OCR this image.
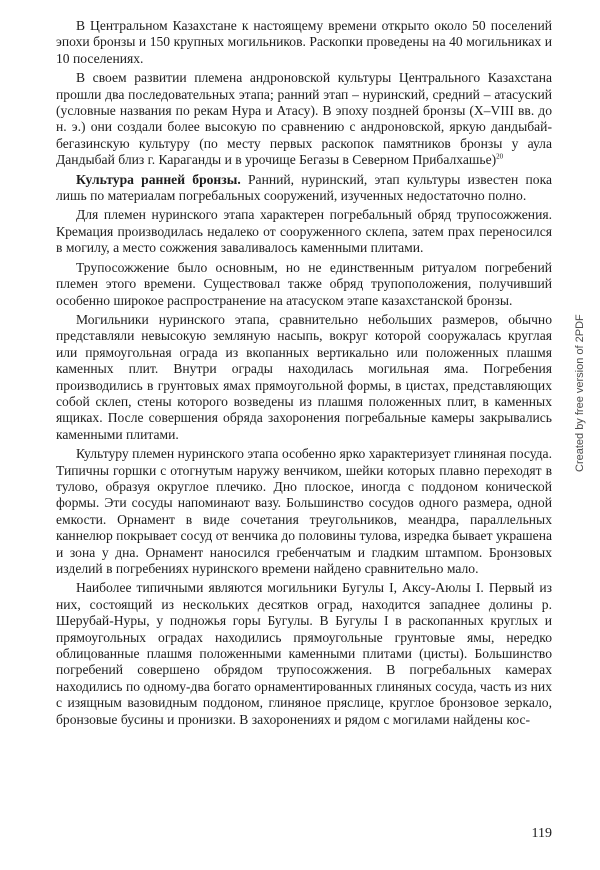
В Центральном Казахстане к настоящему времени открыто около 50 поселений эпохи бронзы и 150 крупных могильников. Раскопки проведены на 40 могильниках и 10 поселениях.

В своем развитии племена андроновской культуры Центрального Казахстана прошли два последовательных этапа; ранний этап – нуринский, средний – атасуский (условные названия по рекам Нура и Атасу). В эпоху поздней бронзы (X–VIII вв. до н. э.) они создали более высокую по сравнению с андроновской, яркую дандыбай-бегазинскую культуру (по месту первых раскопок памятников бронзы у аула Дандыбай близ г. Караганды и в урочище Бегазы в Северном Прибалхашье)$^{20}$

Культура ранней бронзы. Ранний, нуринский, этап культуры известен пока лишь по материалам погребальных сооружений, изученных недостаточно полно.

Для племен нуринского этапа характерен погребальный обряд трупосожжения. Кремация производилась недалеко от сооруженного склепа, затем прах переносился в могилу, а место сожжения заваливалось каменными плитами.

Трупосожжение было основным, но не единственным ритуалом погребений племен этого времени. Существовал также обряд трупоположения, получивший особенно широкое распространение на атасуском этапе казахстанской бронзы.

Могильники нуринского этапа, сравнительно небольших размеров, обычно представляли невысокую земляную насыпь, вокруг которой сооружалась круглая или прямоугольная ограда из вкопанных вертикально или положенных плашмя каменных плит. Внутри ограды находилась могильная яма. Погребения производились в грунтовых ямах прямоугольной формы, в цистах, представляющих собой склеп, стены которого возведены из плашмя положенных плит, в каменных ящиках. После совершения обряда захоронения погребальные камеры закрывались каменными плитами.

Культуру племен нуринского этапа особенно ярко характеризует глиняная посуда. Типичны горшки с отогнутым наружу венчиком, шейки которых плавно переходят в тулово, образуя округлое плечико. Дно плоское, иногда с поддоном конической формы. Эти сосуды напоминают вазу. Большинство сосудов одного размера, одной емкости. Орнамент в виде сочетания треугольников, меандра, параллельных каннелюр покрывает сосуд от венчика до половины тулова, изредка бывает украшена и зона у дна. Орнамент наносился гребенчатым и гладким штампом. Бронзовых изделий в погребениях нуринского времени найдено сравнительно мало.

Наиболее типичными являются могильники Бугулы I, Аксу-Аюлы I. Первый из них, состоящий из нескольких десятков оград, находится западнее долины р. Шерубай-Нуры, у подножья горы Бугулы. В Бугулы I в раскопанных круглых и прямоугольных оградах находились прямоугольные грунтовые ямы, нередко облицованные плашмя положенными каменными плитами (цисты). Большинство погребений совершено обрядом трупосожжения. В погребальных камерах находились по одному-два богато орнаментированных глиняных сосуда, часть из них с изящным вазовидным поддоном, глиняное пряслице, круглое бронзовое зеркало, бронзовые бусины и пронизки. В захоронениях и рядом с могилами найдены кос-

Created by free version of 2PDF
119
